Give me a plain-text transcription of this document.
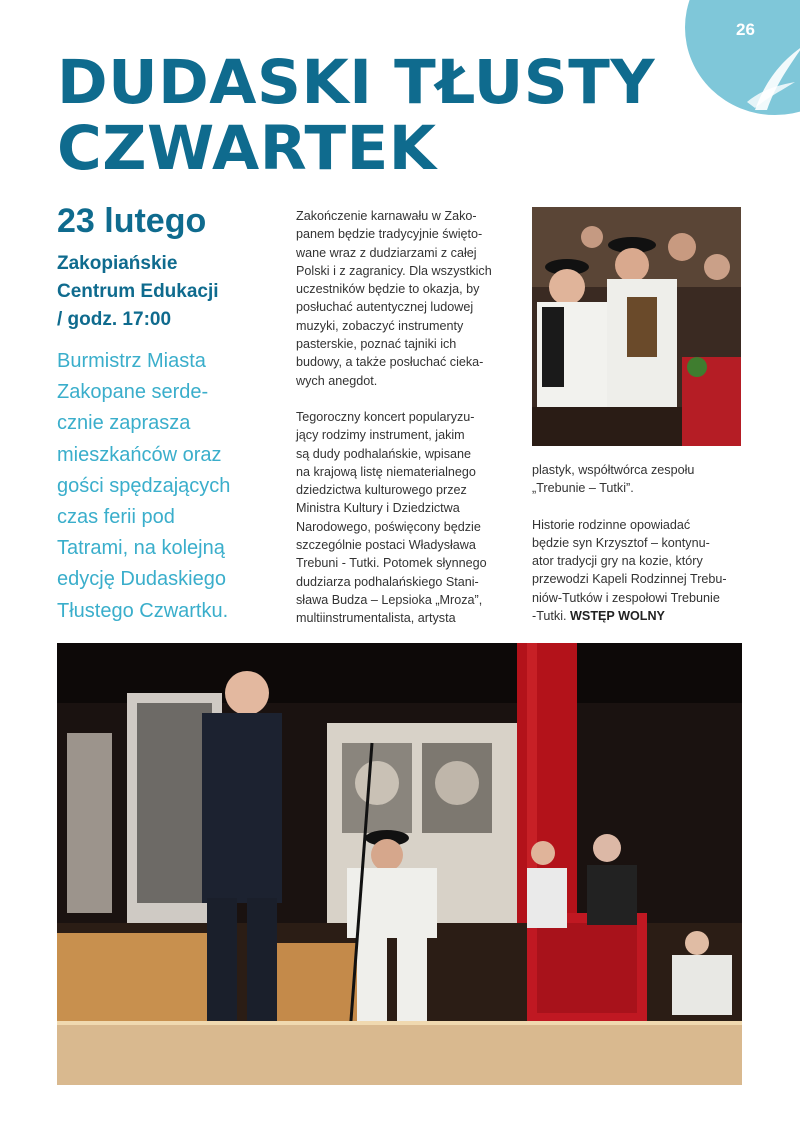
26
DUDASKI TŁUSTY
CZWARTEK
23 lutego
Zakopiańskie
Centrum Edukacji
/ godz. 17:00
Burmistrz Miasta
Zakopane serde-
cznie zaprasza
mieszkańców oraz
gości spędzających
czas ferii pod
Tatrami, na kolejną
edycję Dudaskiego
Tłustego Czwartku.

Zakończenie karnawału w Zako-
panem będzie tradycyjnie święto-
wane wraz z dudziarzami z całej
Polski i z zagranicy. Dla wszystkich
uczestników będzie to okazja, by
posłuchać autentycznej ludowej
muzyki, zobaczyć instrumenty
pasterskie, poznać tajniki ich
budowy, a także posłuchać cieka-
wych anegdot.

Tegoroczny koncert popularyzu-
jący rodzimy instrument, jakim
są dudy podhalańskie, wpisane
na krajową listę niematerialnego
dziedzictwa kulturowego przez
Ministra Kultury i Dziedzictwa
Narodowego, poświęcony będzie
szczególnie postaci Władysława
Trebuni - Tutki. Potomek słynnego
dudziarza podhalańskiego Stani-
sława Budza – Lepsioka „Mroza”,
multiinstrumentalista, artysta

plastyk, współtwórca zespołu
„Trebunie – Tutki”.

Historie rodzinne opowiadać
będzie syn Krzysztof – kontynu-
ator tradycji gry na kozie, który
przewodzi Kapeli Rodzinnej Trebu-
niów-Tutków i zespołowi Trebunie
-Tutki. WSTĘP WOLNY
